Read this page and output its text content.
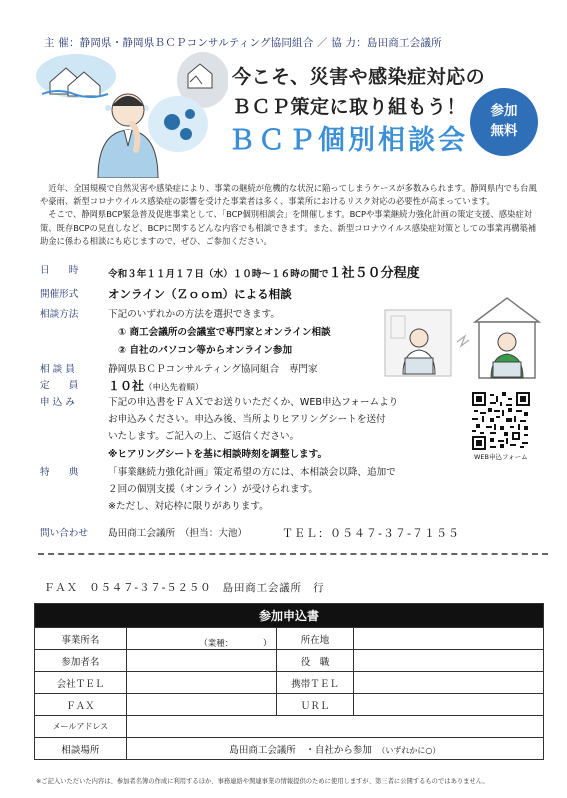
主 催：静岡県・静岡県ＢＣＰコンサルティング協同組合 ／ 協 力：島田商工会議所
今こそ、災害や感染症対応の
ＢＣＰ策定に取り組もう！
ＢＣＰ個別相談会
参加
無料

近年、全国規模で自然災害や感染症により、事業の継続が危機的な状況に陥ってしまうケースが多数みられます。静岡県内でも台風や豪雨、新型コロナウイルス感染症の影響を受けた事業者は多く、事業所におけるリスク対応の必要性が高まっています。

そこで、静岡県BCP緊急普及促進事業として、「BCP個別相談会」を開催します。BCPや事業継続力強化計画の策定支援、感染症対策、既存BCPの見直しなど、BCPに関するどんな内容でも相談できます。また、新型コロナウイルス感染症対策としての事業再構築補助金に係わる相談にも応じますので、ぜひ、ご参加ください。

日　　時	令和３年１１月１７日（水）１０時～１６時の間で１社５０分程度
開催形式	オンライン（Ｚｏｏｍ）による相談
相談方法	下記のいずれかの方法を選択できます。
① 商工会議所の会議室で専門家とオンライン相談
② 自社のパソコン等からオンライン参加
相 談 員	静岡県ＢＣＰコンサルティング協同組合　専門家
定　　員 １０社（申込先着順）
申 込 み	下記の申込書をＦＡＸでお送りいただくか、WEB申込フォームより
お申込みください。申込み後、当所よりヒアリングシートを送付
いたします。ご記入の上、ご返信ください。
※ヒアリングシートを基に相談時刻を調整します。
特　　典	「事業継続力強化計画」策定希望の方には、本相談会以降、追加で
２回の個別支援（オンライン）が受けられます。
※ただし、対応枠に限りがあります。
問い合わせ 島田商工会議所　（担当：大池）	ＴＥＬ：０５４７-３７-７１５５
WEB申込フォーム
ＦＡＸ　０５４７-３７-５２５０　島田商工会議所　行
参加申込書			
事業所名	（業種：　　　　）	所在地	
参加者名		役　職	
会社ＴＥＬ		携帯ＴＥＬ	
ＦＡＸ		ＵＲＬ	
メールアドレス			
相談場所	島田商工会議所　・自社から参加　 （いずれかに○）		
※ご記入いただいた内容は、参加者名簿の作成に利用するほか、事務連絡や関連事業の情報提供のために使用しますが、第三者に公開するものではありません。
